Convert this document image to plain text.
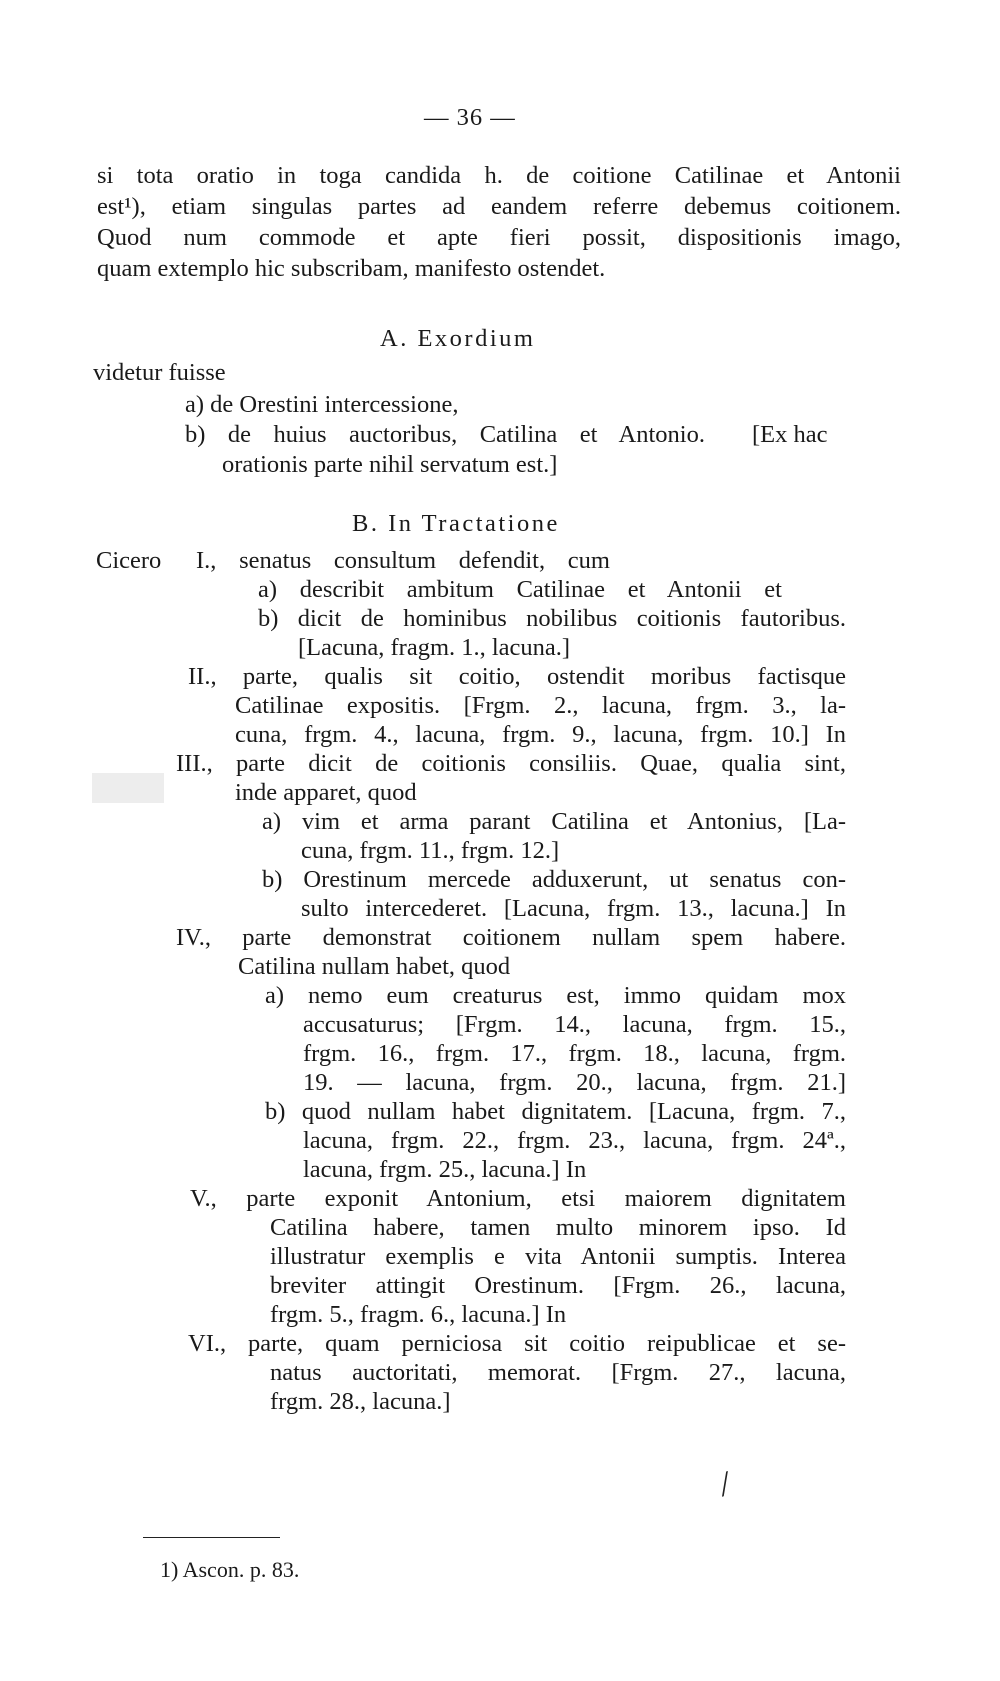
— 36 —
si tota oratio in toga candida h. de coitione Catilinae et Antonii
est¹), etiam singulas partes ad eandem referre debemus coitionem.
Quod num commode et apte fieri possit, dispositionis imago,
quam extemplo hic subscribam, manifesto ostendet.
A. Exordium
videtur fuisse
a) de Orestini intercessione,
b) de huius auctoribus, Catilina et Antonio. [Ex hac
orationis parte nihil servatum est.]
B. In Tractatione
Cicero I., senatus consultum defendit, cum
a) describit ambitum Catilinae et Antonii et
b) dicit de hominibus nobilibus coitionis fautoribus.
[Lacuna, fragm. 1., lacuna.]
II., parte, qualis sit coitio, ostendit moribus factisque
Catilinae expositis. [Frgm. 2., lacuna, frgm. 3., la-
cuna, frgm. 4., lacuna, frgm. 9., lacuna, frgm. 10.] In
III., parte dicit de coitionis consiliis. Quae, qualia sint,
inde apparet, quod
a) vim et arma parant Catilina et Antonius, [La-
cuna, frgm. 11., frgm. 12.]
b) Orestinum mercede adduxerunt, ut senatus con-
sulto intercederet. [Lacuna, frgm. 13., lacuna.] In
IV., parte demonstrat coitionem nullam spem habere.
Catilina nullam habet, quod
a) nemo eum creaturus est, immo quidam mox
accusaturus; [Frgm. 14., lacuna, frgm. 15.,
frgm. 16., frgm. 17., frgm. 18., lacuna, frgm.
19. — lacuna, frgm. 20., lacuna, frgm. 21.]
b) quod nullam habet dignitatem. [Lacuna, frgm. 7.,
lacuna, frgm. 22., frgm. 23., lacuna, frgm. 24ª.,
lacuna, frgm. 25., lacuna.] In
V., parte exponit Antonium, etsi maiorem dignitatem
Catilina habere, tamen multo minorem ipso. Id
illustratur exemplis e vita Antonii sumptis. Interea
breviter attingit Orestinum. [Frgm. 26., lacuna,
frgm. 5., fragm. 6., lacuna.] In
VI., parte, quam perniciosa sit coitio reipublicae et se-
natus auctoritati, memorat. [Frgm. 27., lacuna,
frgm. 28., lacuna.]
/
1) Ascon. p. 83.
